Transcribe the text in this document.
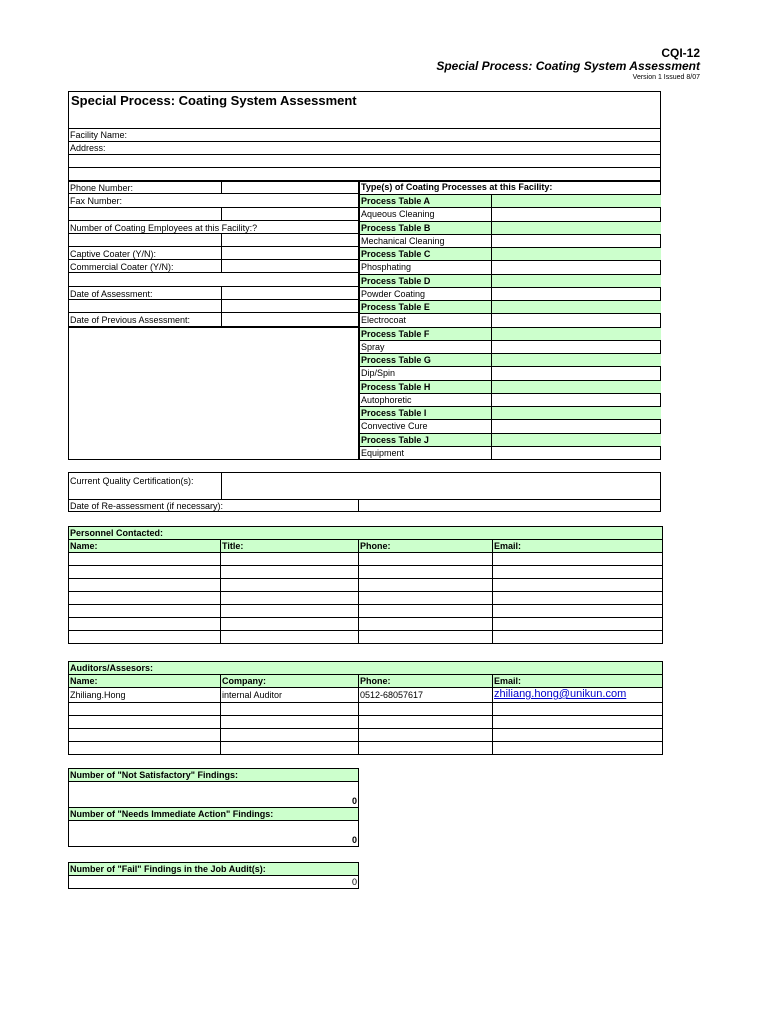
CQI-12
Special Process: Coating System Assessment
Version 1 Issued 8/07
Special Process: Coating System Assessment
Facility Name:
Address:
Phone Number:
Fax Number:
Number of Coating Employees at this Facility:?
Captive Coater (Y/N):
Commercial Coater (Y/N):
Date of Assessment:
Date of Previous Assessment:
Type(s) of Coating Processes at this Facility:
Process Table A
Aqueous Cleaning
Process Table B
Mechanical Cleaning
Process Table C
Phosphating
Process Table D
Powder Coating
Process Table E
Electrocoat
Process Table F
Spray
Process Table G
Dip/Spin
Process Table H
Autophoretic
Process Table I
Convective Cure
Process Table J
Equipment
Current Quality Certification(s):
Date of Re-assessment (if necessary):
Personnel Contacted:			
Name:	Title:	Phone:	Email:

Auditors/Assesors:			
Name:	Company:	Phone:	Email:
Zhiliang.Hong	internal Auditor	0512-68057617	zhiliang.hong@unikun.com

Number of "Not Satisfactory" Findings:
0
Number of "Needs Immediate Action" Findings:
0
Number of "Fail" Findings in the Job Audit(s):
0
